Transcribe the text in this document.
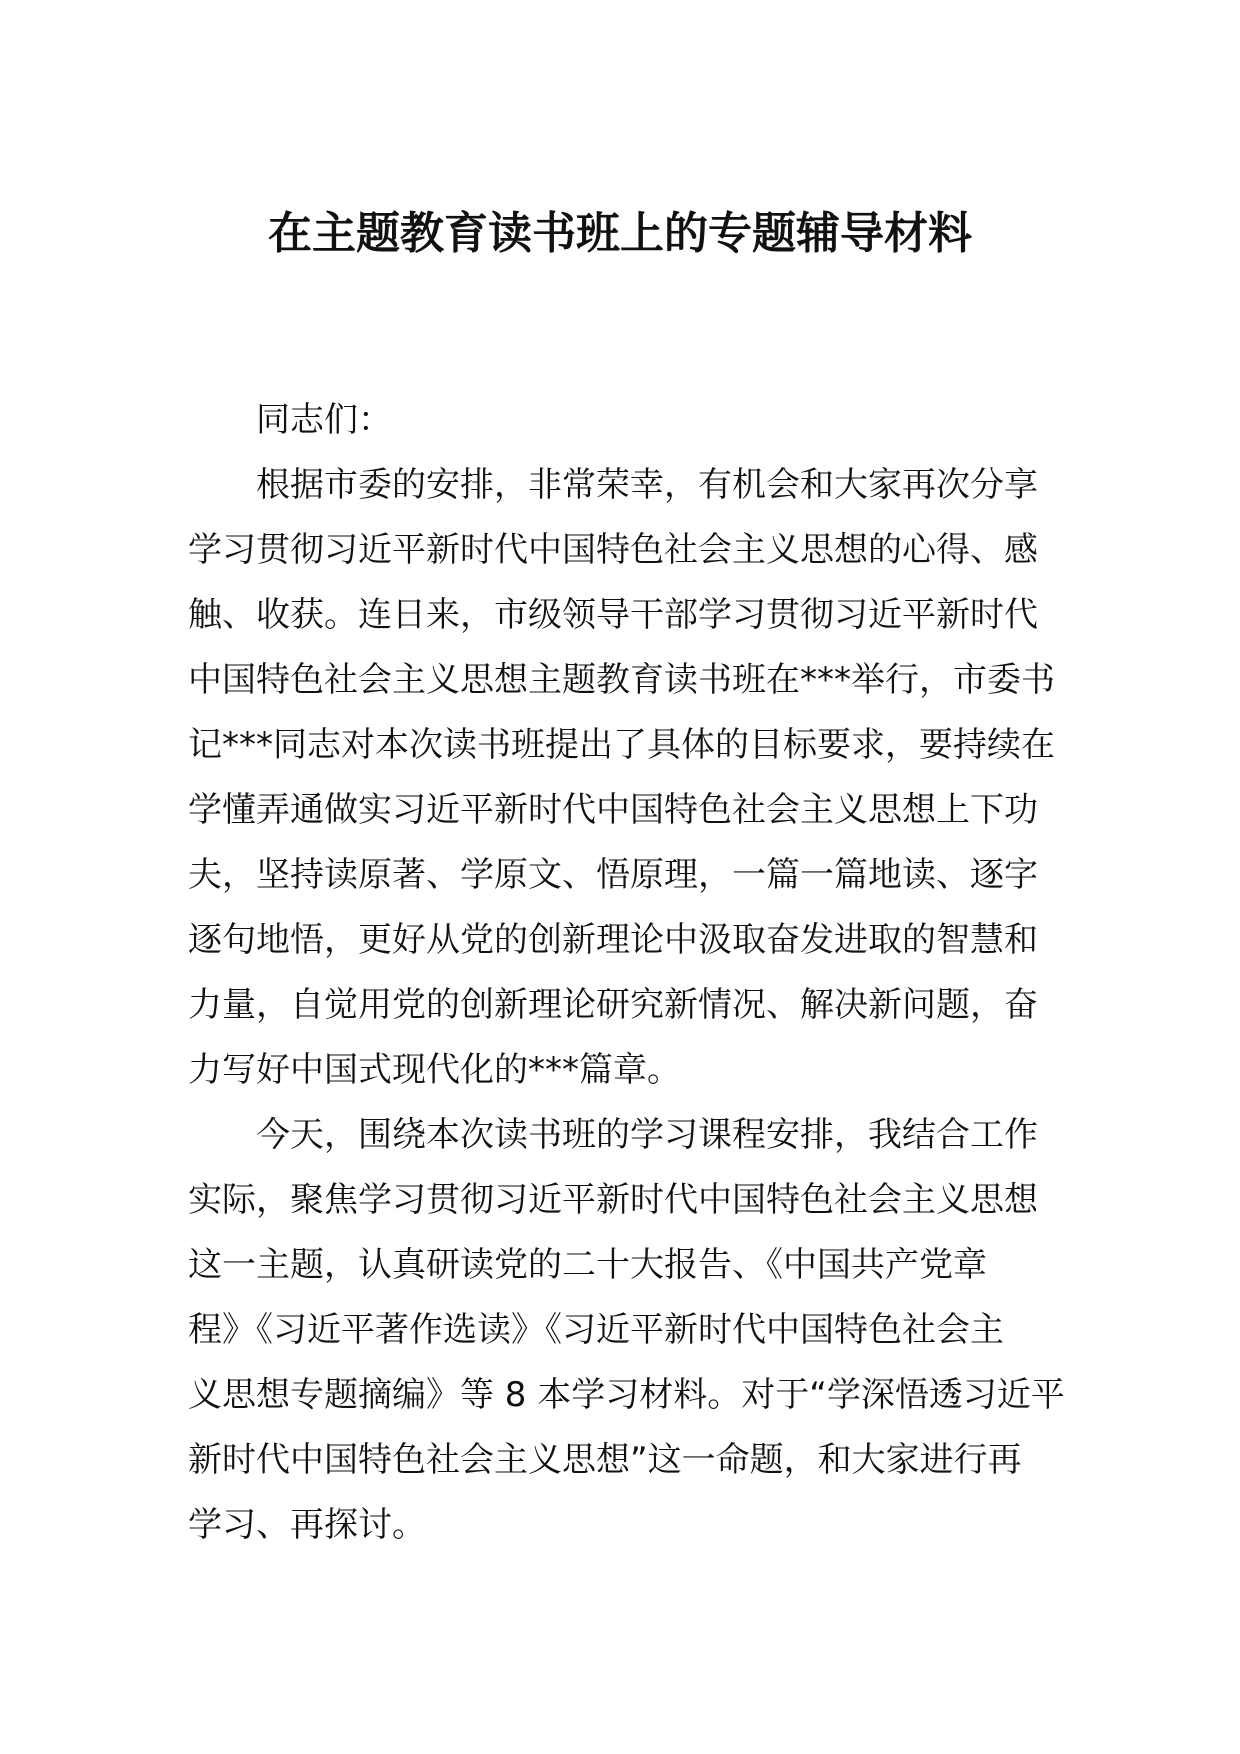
在主题教育读书班上的专题辅导材料
同志们：
根据市委的安排，非常荣幸，有机会和大家再次分享
学习贯彻习近平新时代中国特色社会主义思想的心得、感
触、收获。连日来，市级领导干部学习贯彻习近平新时代
中国特色社会主义思想主题教育读书班在***举行，市委书
记***同志对本次读书班提出了具体的目标要求，要持续在
学懂弄通做实习近平新时代中国特色社会主义思想上下功
夫，坚持读原著、学原文、悟原理，一篇一篇地读、逐字
逐句地悟，更好从党的创新理论中汲取奋发进取的智慧和
力量，自觉用党的创新理论研究新情况、解决新问题，奋
力写好中国式现代化的***篇章。
今天，围绕本次读书班的学习课程安排，我结合工作
实际，聚焦学习贯彻习近平新时代中国特色社会主义思想
这一主题，认真研读党的二十大报告、《中国共产党章
程》《习近平著作选读》《习近平新时代中国特色社会主
义思想专题摘编》等 8 本学习材料。对于“学深悟透习近平
新时代中国特色社会主义思想”这一命题，和大家进行再
学习、再探讨。
